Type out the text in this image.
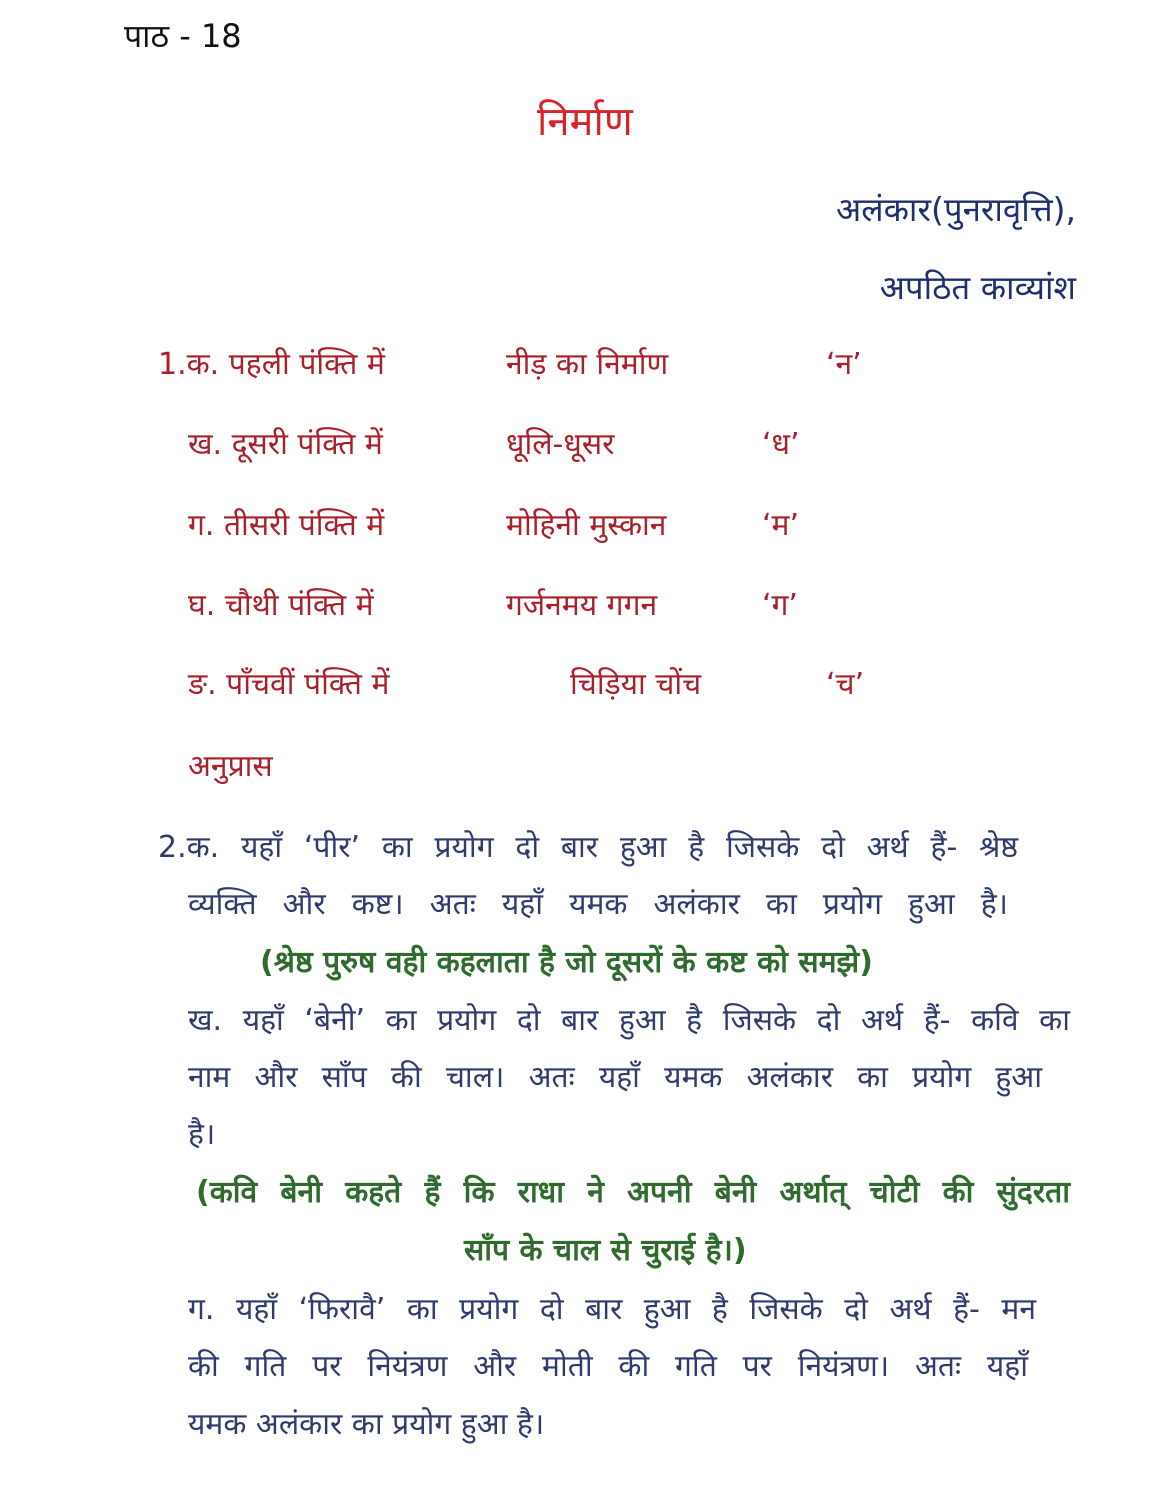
पाठ - 18
निर्माण
अलंकार(पुनरावृत्ति),
अपठित काव्यांश
1.क. पहली पंक्ति में	नीड़ का निर्माण	‘न’
ख. दूसरी पंक्ति में	धूलि-धूसर	‘ध’
ग. तीसरी पंक्ति में	मोहिनी मुस्कान	‘म’
घ. चौथी पंक्ति में	गर्जनमय गगन	‘ग’
ङ. पाँचवीं पंक्ति में	चिड़िया चोंच	‘च’
अनुप्रास
2.क. यहाँ ‘पीर’ का प्रयोग दो बार हुआ है जिसके दो अर्थ हैं- श्रेष्ठ
व्यक्ति और कष्ट। अतः यहाँ यमक अलंकार का प्रयोग हुआ है।
(श्रेष्ठ पुरुष वही कहलाता है जो दूसरों के कष्ट को समझे)
ख. यहाँ ‘बेनी’ का प्रयोग दो बार हुआ है जिसके दो अर्थ हैं- कवि का
नाम और साँप की चाल। अतः यहाँ यमक अलंकार का प्रयोग हुआ
है।
(कवि बेनी कहते हैं कि राधा ने अपनी बेनी अर्थात् चोटी की सुंदरता
साँप के चाल से चुराई है।)
ग. यहाँ ‘फिरावै’ का प्रयोग दो बार हुआ है जिसके दो अर्थ हैं- मन
की गति पर नियंत्रण और मोती की गति पर नियंत्रण। अतः यहाँ
यमक अलंकार का प्रयोग हुआ है।
